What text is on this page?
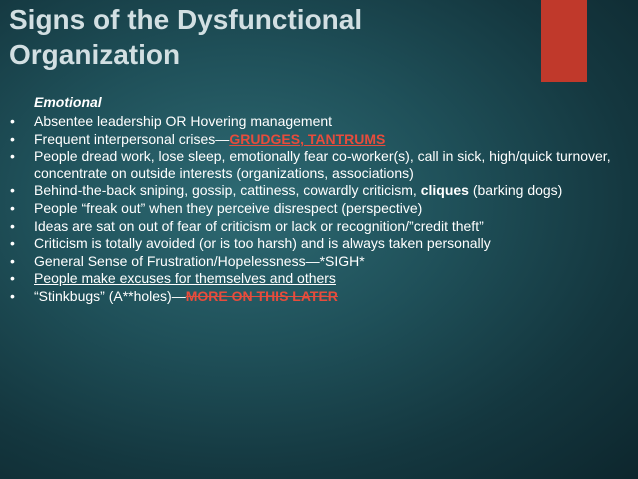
Signs of the Dysfunctional
Organization
Emotional
•	Absentee leadership OR Hovering management
•	Frequent interpersonal crises—GRUDGES, TANTRUMS
•	People dread work, lose sleep, emotionally fear co-worker(s), call in sick, high/quick turnover, concentrate on outside interests (organizations, associations)
•	Behind-the-back sniping, gossip, cattiness, cowardly criticism, cliques (barking dogs)
•	People “freak out” when they perceive disrespect (perspective)
•	Ideas are sat on out of fear of criticism or lack or recognition/”credit theft”
•	Criticism is totally avoided (or is too harsh) and is always taken personally
•	General Sense of Frustration/Hopelessness—*SIGH*
•	People make excuses for themselves and others
•	“Stinkbugs” (A**holes)—MORE ON THIS LATER
